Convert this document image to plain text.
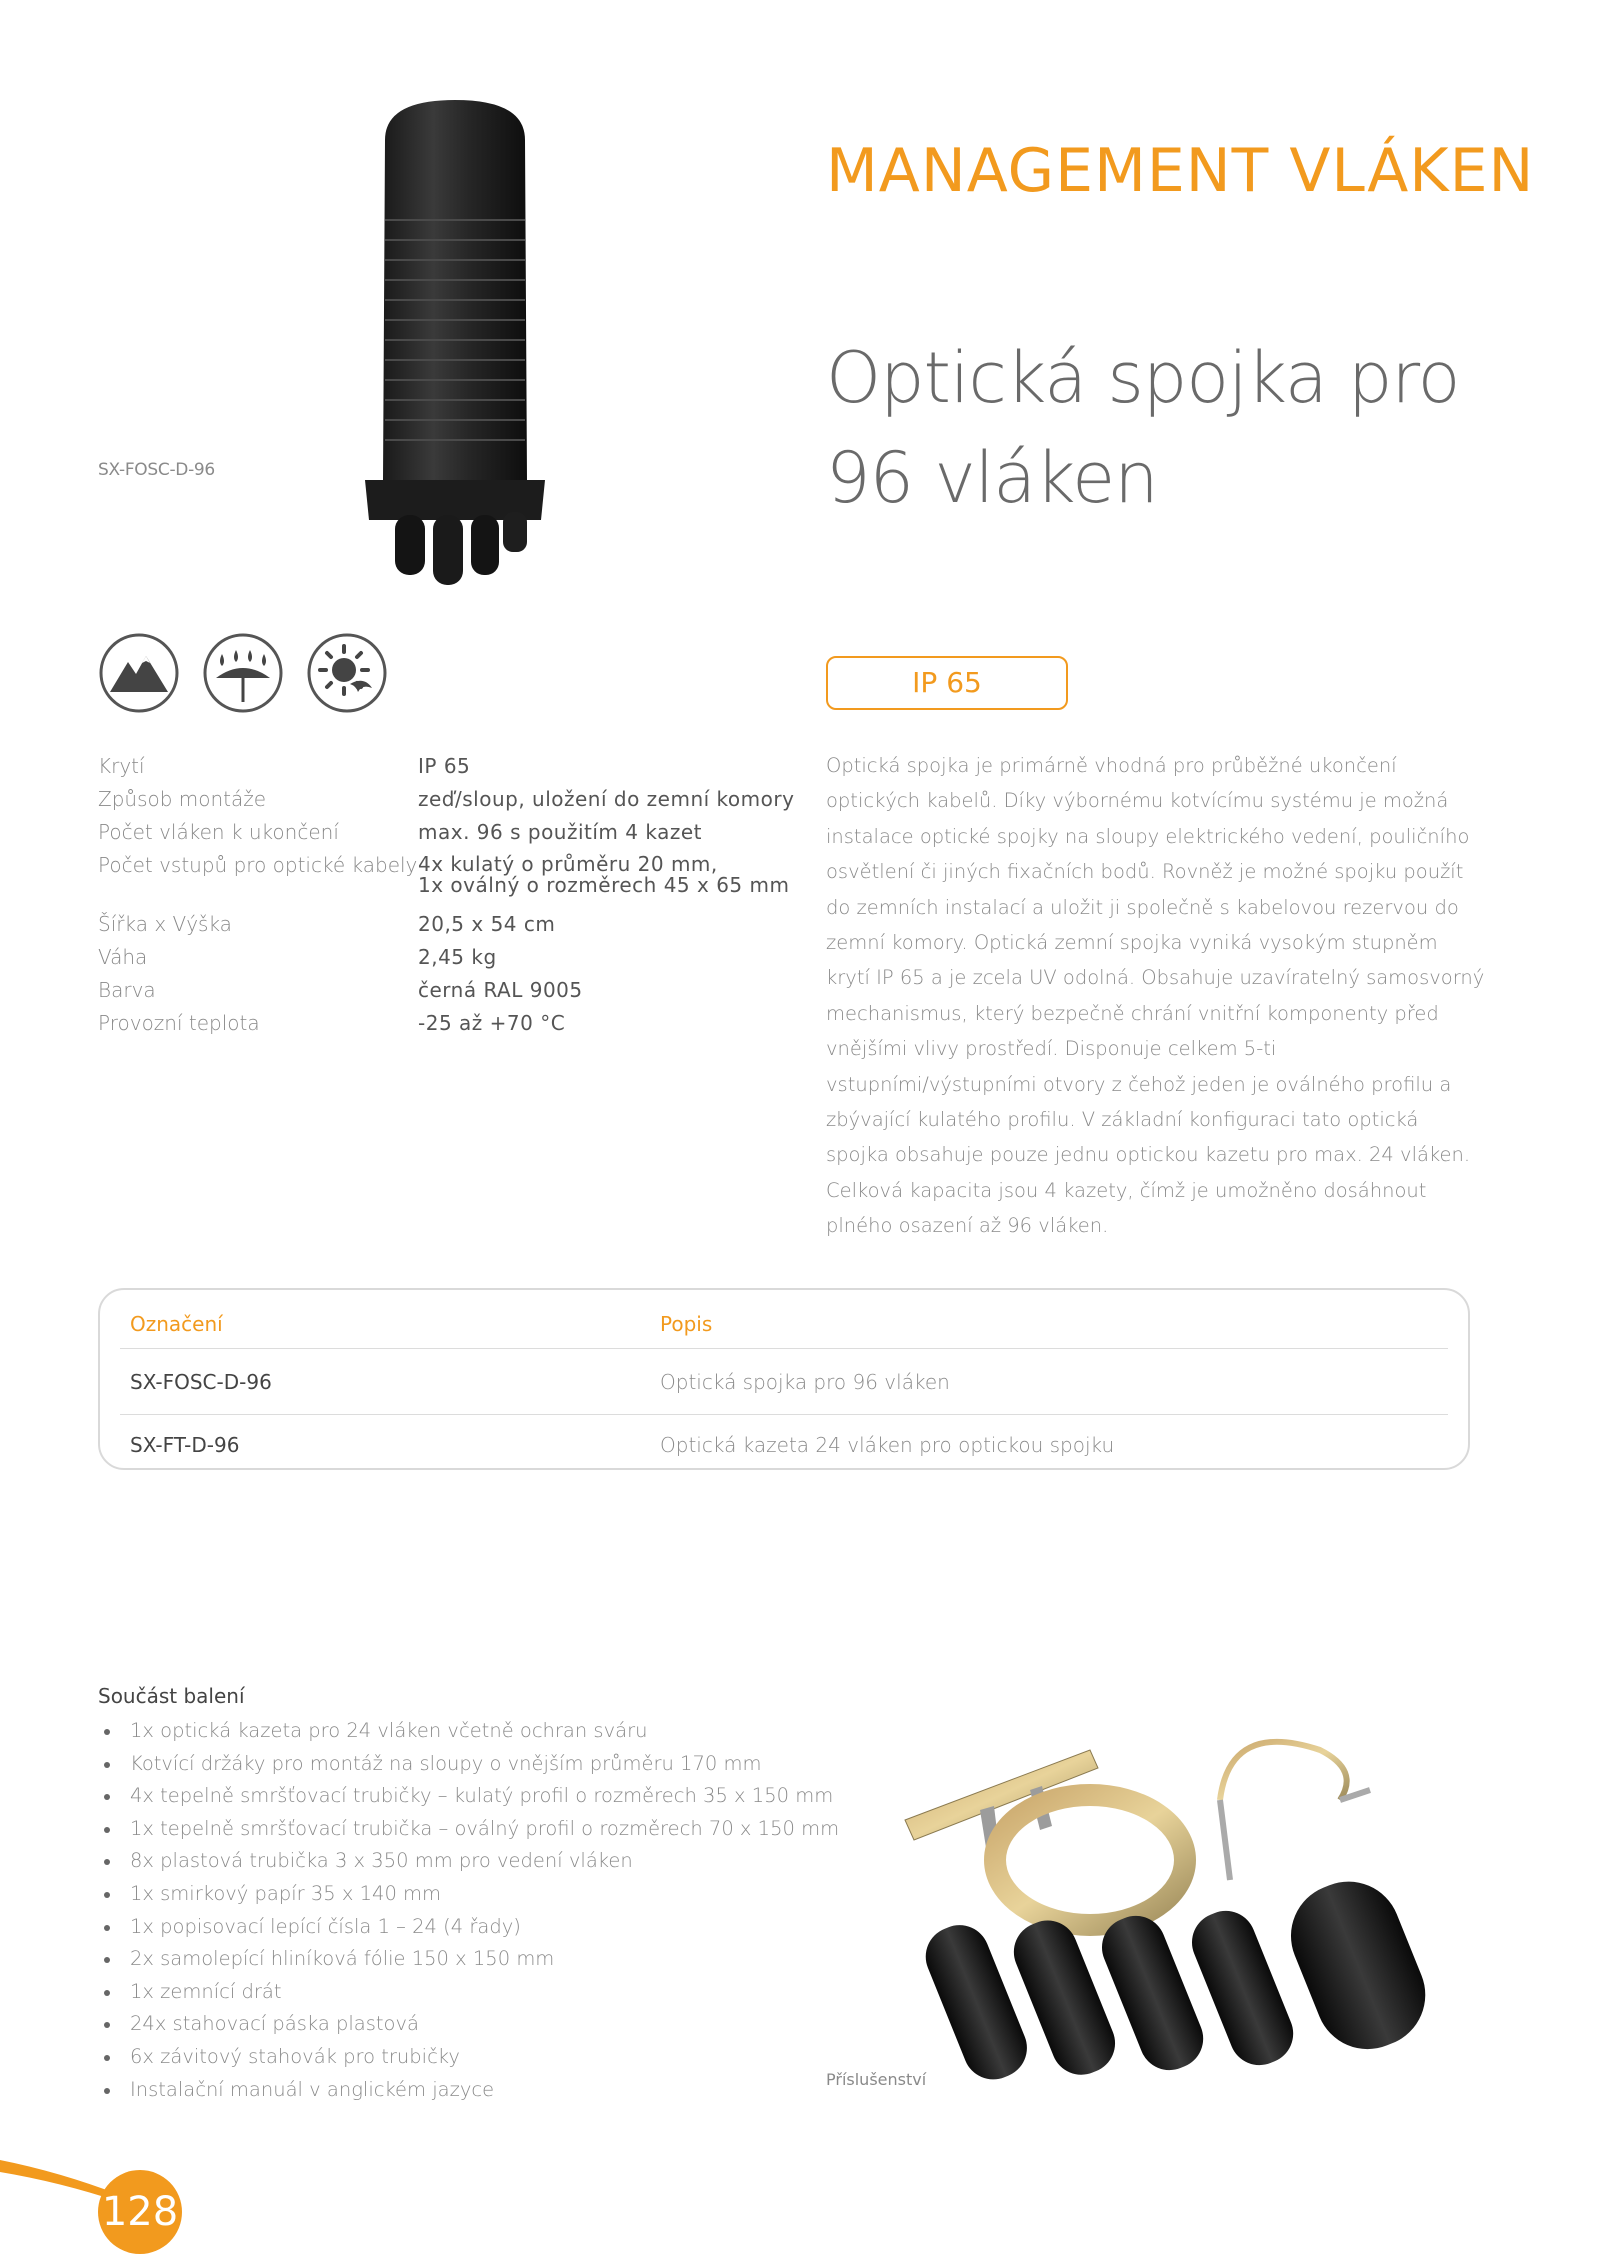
SX-FOSC-D-96
MANAGEMENT VLÁKEN
Optická spojka pro 96 vláken
IP 65
Krytí	IP 65
Způsob montáže	zeď/sloup, uložení do zemní komory
Počet vláken k ukončení	max. 96 s použitím 4 kazet
Počet vstupů pro optické kabely 4x kulatý o průměru 20 mm,
1x oválný o rozměrech 45 x 65 mm
Šířka x Výška	20,5 x 54 cm
Váha	2,45 kg
Barva	černá RAL 9005
Provozní teplota	-25 až +70 °C
Optická spojka je primárně vhodná pro průběžné ukončení optických kabelů. Díky výbornému kotvícímu systému je možná instalace optické spojky na sloupy elektrického vedení, pouličního osvětlení či jiných fixačních bodů. Rovněž je možné spojku použít do zemních instalací a uložit ji společně s kabelovou rezervou do zemní komory. Optická zemní spojka vyniká vysokým stupněm krytí IP 65 a je zcela UV odolná. Obsahuje uzavíratelný samosvorný mechanismus, který bezpečně chrání vnitřní komponenty před vnějšími vlivy prostředí. Disponuje celkem 5-ti vstupními/výstupními otvory z čehož jeden je oválného profilu a zbývající kulatého profilu. V základní konfiguraci tato optická spojka obsahuje pouze jednu optickou kazetu pro max. 24 vláken. Celková kapacita jsou 4 kazety, čímž je umožněno dosáhnout plného osazení až 96 vláken.
Označení	Popis
SX-FOSC-D-96	Optická spojka pro 96 vláken
SX-FT-D-96	Optická kazeta 24 vláken pro optickou spojku
Součást balení
1x optická kazeta pro 24 vláken včetně ochran sváru
Kotvící držáky pro montáž na sloupy o vnějším průměru 170 mm
4x tepelně smršťovací trubičky – kulatý profil o rozměrech 35 x 150 mm
1x tepelně smršťovací trubička – oválný profil o rozměrech 70 x 150 mm
8x plastová trubička 3 x 350 mm pro vedení vláken
1x smirkový papír 35 x 140 mm
1x popisovací lepící čísla 1 – 24 (4 řady)
2x samolepící hliníková fólie 150 x 150 mm
1x zemnící drát
24x stahovací páska plastová
6x závitový stahovák pro trubičky
Instalační manuál v anglickém jazyce	Příslušenství
128
